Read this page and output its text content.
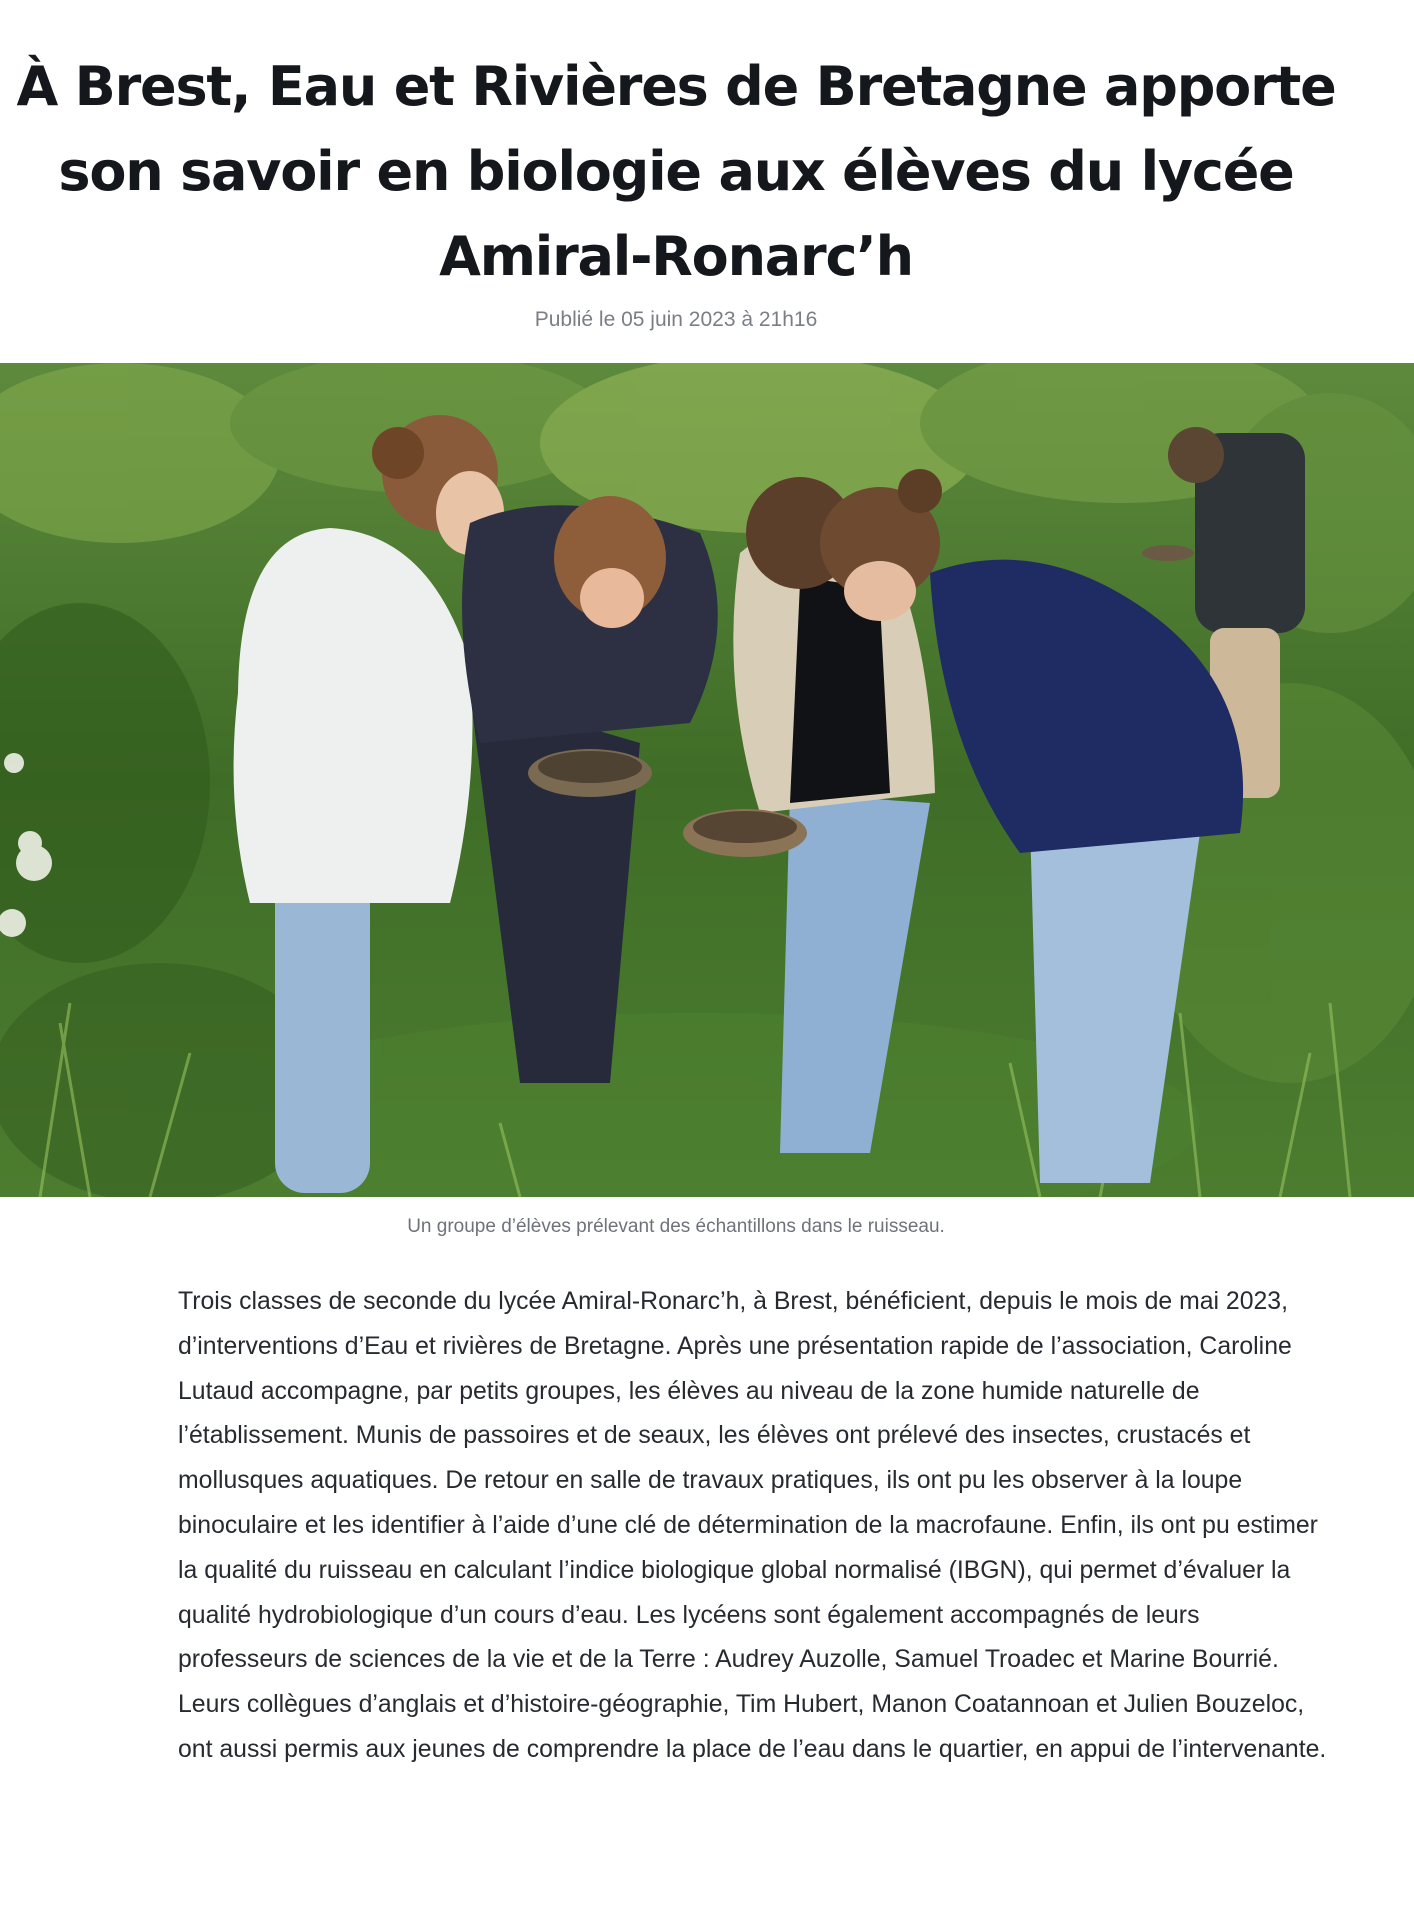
À Brest, Eau et Rivières de Bretagne apporte son savoir en biologie aux élèves du lycée Amiral-Ronarc’h
Publié le 05 juin 2023 à 21h16
Un groupe d’élèves prélevant des échantillons dans le ruisseau.

Trois classes de seconde du lycée Amiral-Ronarc’h, à Brest, bénéficient, depuis le mois de mai 2023, d’interventions d’Eau et rivières de Bretagne. Après une présentation rapide de l’association, Caroline Lutaud accompagne, par petits groupes, les élèves au niveau de la zone humide naturelle de l’établissement. Munis de passoires et de seaux, les élèves ont prélevé des insectes, crustacés et mollusques aquatiques. De retour en salle de travaux pratiques, ils ont pu les observer à la loupe binoculaire et les identifier à l’aide d’une clé de détermination de la macrofaune. Enfin, ils ont pu estimer la qualité du ruisseau en calculant l’indice biologique global normalisé (IBGN), qui permet d’évaluer la qualité hydrobiologique d’un cours d’eau. Les lycéens sont également accompagnés de leurs professeurs de sciences de la vie et de la Terre : Audrey Auzolle, Samuel Troadec et Marine Bourrié. Leurs collègues d’anglais et d’histoire-géographie, Tim Hubert, Manon Coatannoan et Julien Bouzeloc, ont aussi permis aux jeunes de comprendre la place de l’eau dans le quartier, en appui de l’intervenante.
